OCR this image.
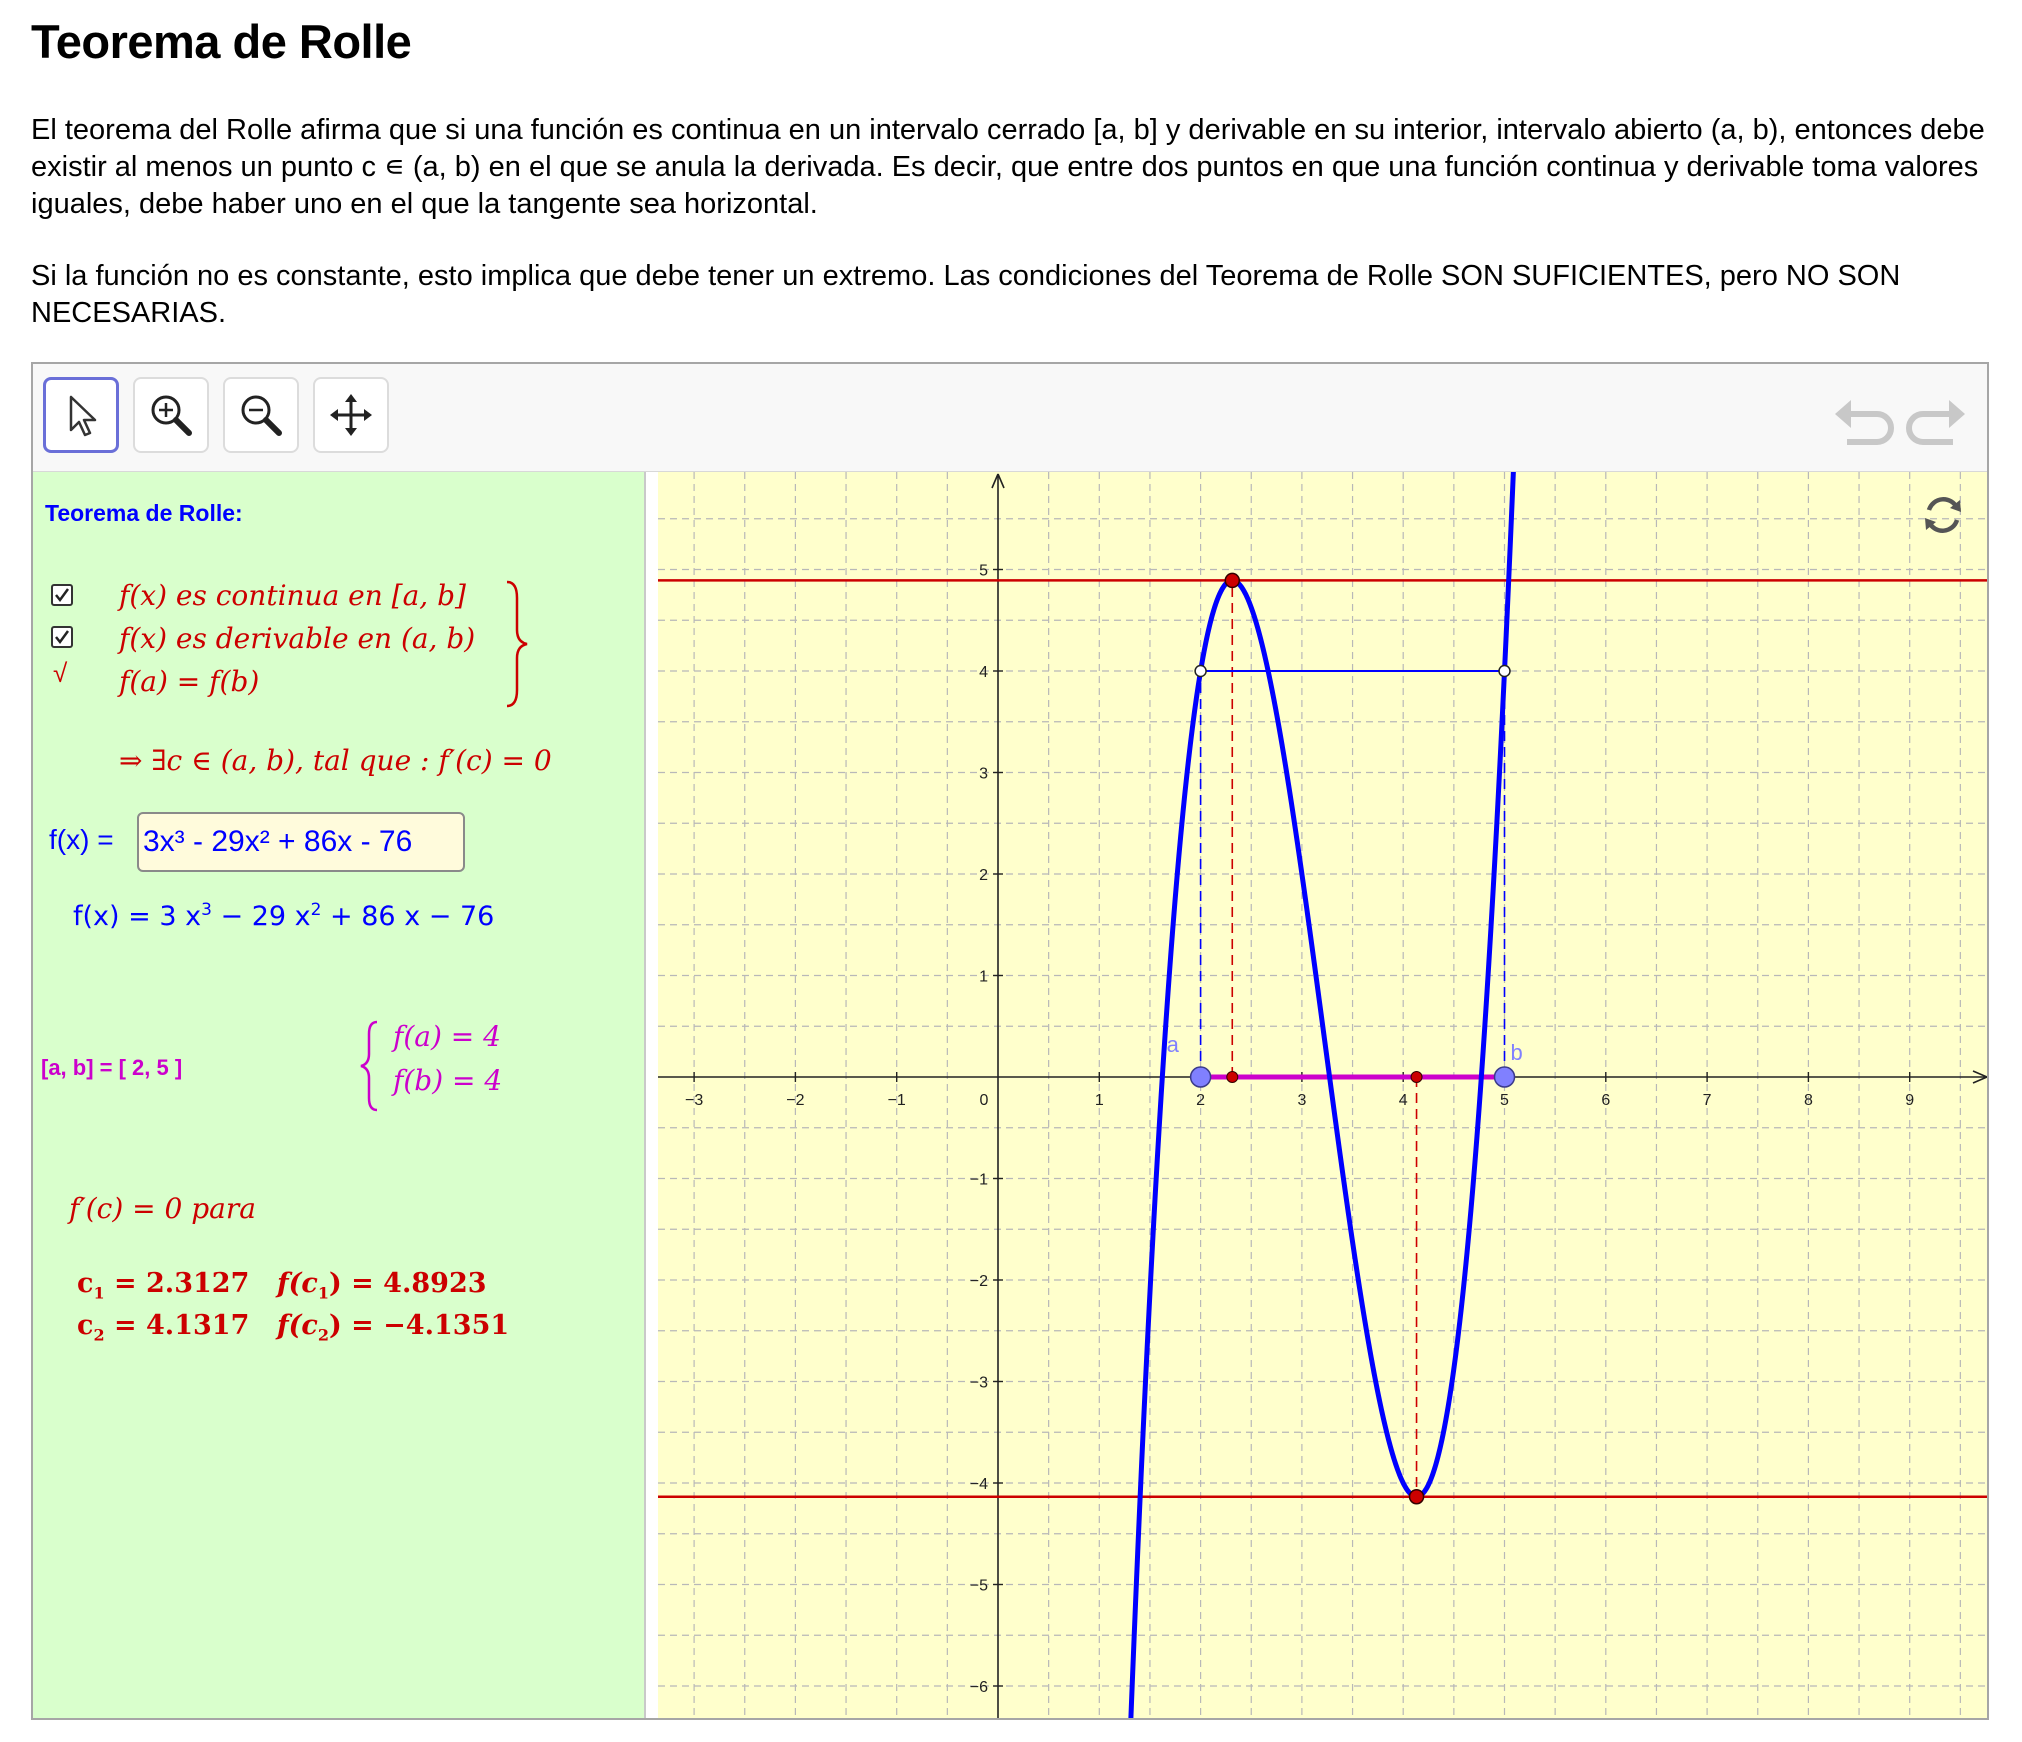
Teorema de Rolle

El teorema del Rolle afirma que si una función es continua en un intervalo cerrado [a, b] y derivable en su interior, intervalo abierto (a, b), entonces debe existir al menos un punto c ∊ (a, b) en el que se anula la derivada. Es decir, que entre dos puntos en que una función continua y derivable toma valores iguales, debe haber uno en el que la tangente sea horizontal.

Si la función no es constante, esto implica que debe tener un extremo. Las condiciones del Teorema de Rolle SON SUFICIENTES, pero NO SON NECESARIAS.

Teorema de Rolle:
f(x) es continua en [a, b]
f(x) es derivable en (a, b)
√ f(a) = f(b)
⇒ ∃c ∈ (a, b), tal que : f′(c) = 0
f(x) = 3x³ - 29x² + 86x - 76
f(x) = 3 $x^3 - 29$ $x^2 + 86$ x − 76
[a, b] = [ 2, 5 ]
f(a) = 4
f(b) = 4
f′(c) = 0 para
$c_1 = 2.3127$ $f(c_1) = 4.8923$
$c_2 = 4.1317$ $f(c_2) = -4.1351$
−3	−2	−1	0	1	2	3	4	5	6	7	8	9
−6
−5
−4
−3
−2
−1
1
2
3
4
5
a	b
